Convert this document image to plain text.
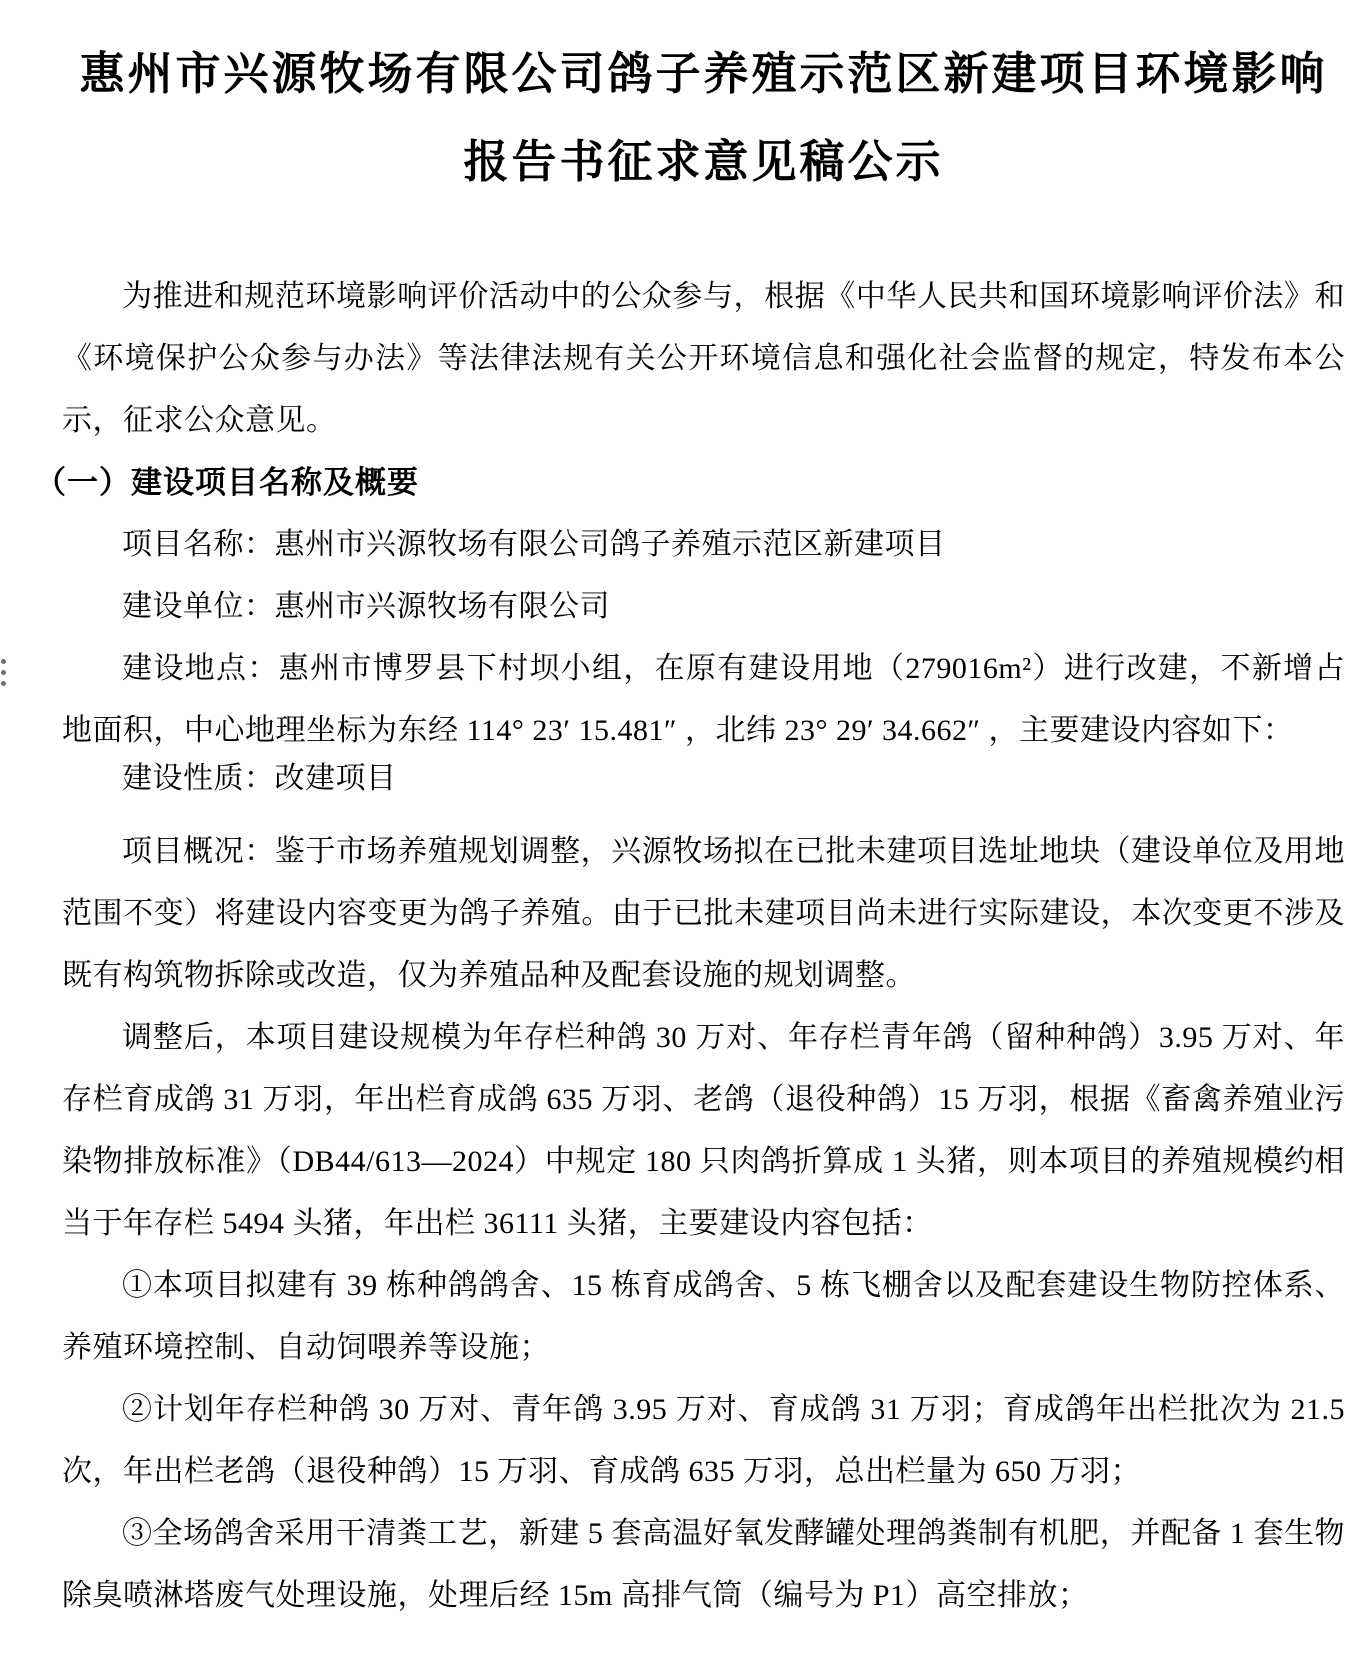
惠州市兴源牧场有限公司鸽子养殖示范区新建项目环境影响
报告书征求意见稿公示

为推进和规范环境影响评价活动中的公众参与，根据《中华人民共和国环境影响评价法》和《环境保护公众参与办法》等法律法规有关公开环境信息和强化社会监督的规定，特发布本公示，征求公众意见。

（一）建设项目名称及概要

项目名称：惠州市兴源牧场有限公司鸽子养殖示范区新建项目

建设单位：惠州市兴源牧场有限公司

建设地点：惠州市博罗县下村坝小组，在原有建设用地（279016m²）进行改建，不新增占地面积，中心地理坐标为东经 114° 23′ 15.481″ ，北纬 23° 29′ 34.662″ ，主要建设内容如下：

建设性质：改建项目

项目概况：鉴于市场养殖规划调整，兴源牧场拟在已批未建项目选址地块（建设单位及用地范围不变）将建设内容变更为鸽子养殖。由于已批未建项目尚未进行实际建设，本次变更不涉及既有构筑物拆除或改造，仅为养殖品种及配套设施的规划调整。

调整后，本项目建设规模为年存栏种鸽 30 万对、年存栏青年鸽（留种种鸽）3.95 万对、年存栏育成鸽 31 万羽，年出栏育成鸽 635 万羽、老鸽（退役种鸽）15 万羽，根据《畜禽养殖业污染物排放标准》（DB44/613—2024）中规定 180 只肉鸽折算成 1 头猪，则本项目的养殖规模约相当于年存栏 5494 头猪，年出栏 36111 头猪，主要建设内容包括：

①本项目拟建有 39 栋种鸽鸽舍、15 栋育成鸽舍、5 栋飞棚舍以及配套建设生物防控体系、养殖环境控制、自动饲喂养等设施；

②计划年存栏种鸽 30 万对、青年鸽 3.95 万对、育成鸽 31 万羽；育成鸽年出栏批次为 21.5 次，年出栏老鸽（退役种鸽）15 万羽、育成鸽 635 万羽，总出栏量为 650 万羽；

③全场鸽舍采用干清粪工艺，新建 5 套高温好氧发酵罐处理鸽粪制有机肥，并配备 1 套生物除臭喷淋塔废气处理设施，处理后经 15m 高排气筒（编号为 P1）高空排放；
